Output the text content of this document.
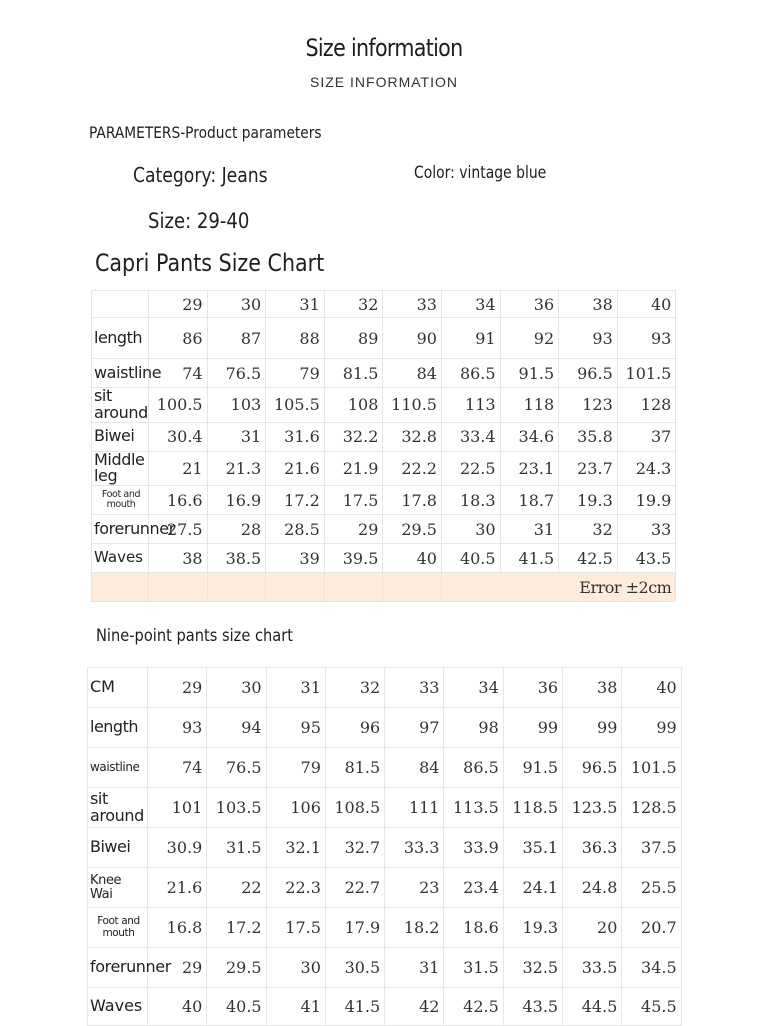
Size information
SIZE INFORMATION
PARAMETERS-Product parameters
Category: Jeans	Color: vintage blue
Size: 29-40
Capri Pants Size Chart
	29	30	31	32	33	34	36	38	40
length	86	87	88	89	90	91	92	93	93
waistline	74	76.5	79	81.5	84	86.5	91.5	96.5	101.5
sit around	100.5	103	105.5	108	110.5	113	118	123	128
Biwei	30.4	31	31.6	32.2	32.8	33.4	34.6	35.8	37
Middle leg	21	21.3	21.6	21.9	22.2	22.5	23.1	23.7	24.3

Foot and mouth	16.6	16.9	17.2	17.5	17.8	18.3	18.7	19.3	19.9
forerunner	27.5	28	28.5	29	29.5	30	31	32	33
Waves	38	38.5	39	39.5	40	40.5	41.5	42.5	43.5
						Error ±2cm			
Nine-point pants size chart
CM	29	30	31	32	33	34	36	38	40
length	93	94	95	96	97	98	99	99	99
waistline	74	76.5	79	81.5	84	86.5	91.5	96.5	101.5
sit around	101	103.5	106	108.5	111	113.5	118.5	123.5	128.5
Biwei	30.9	31.5	32.1	32.7	33.3	33.9	35.1	36.3	37.5
Knee Wai	21.6	22	22.3	22.7	23	23.4	24.1	24.8	25.5

Foot and mouth	16.8	17.2	17.5	17.9	18.2	18.6	19.3	20	20.7
forerunner	29	29.5	30	30.5	31	31.5	32.5	33.5	34.5
Waves	40	40.5	41	41.5	42	42.5	43.5	44.5	45.5
